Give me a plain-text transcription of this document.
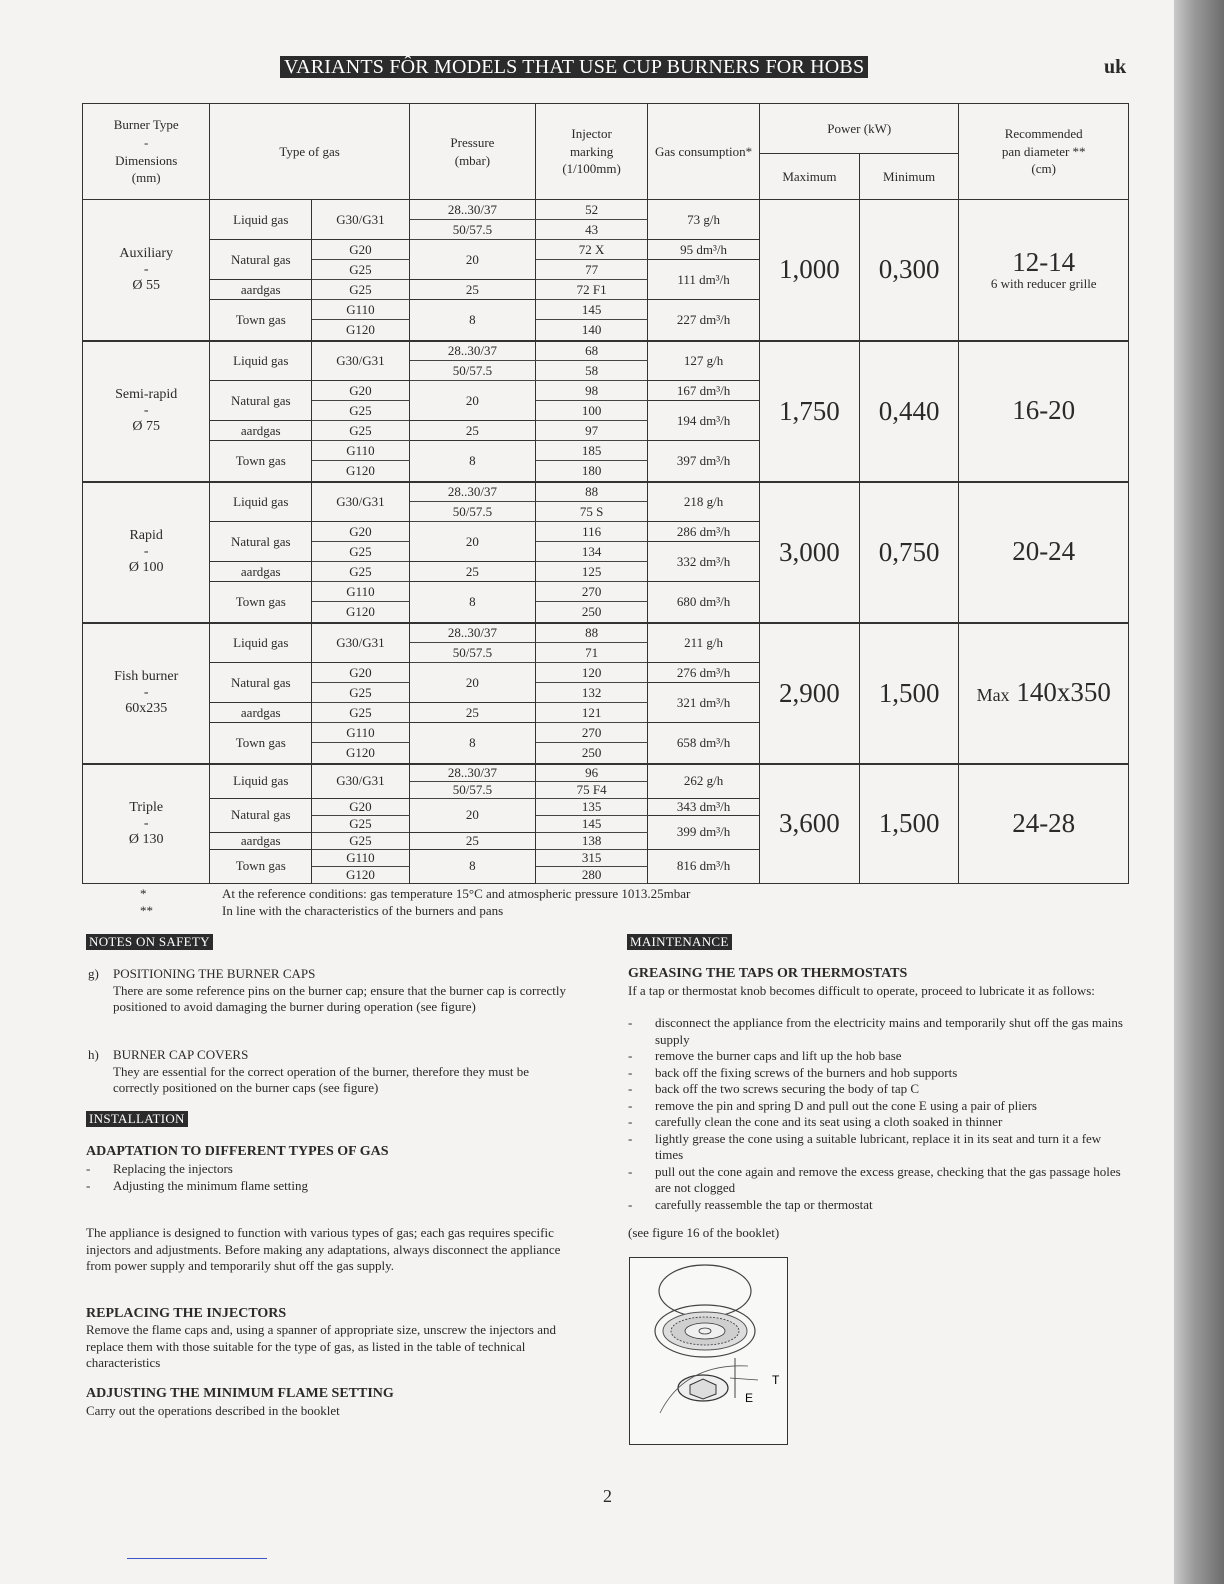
VARIANTS FÔR MODELS THAT USE CUP BURNERS FOR HOBS	uk
Burner Type
-
Dimensions
(mm)	Type of gas		Pressure
(mbar)	Injector
marking
(1/100mm)	Gas consumption*	Power (kW)		Recommended
pan diameter **
(cm)

						Maximum	Minimum	

Auxiliary
-
Ø 55	Liquid gas	G30/G31	28..30/37	52	73 g/h	1,000	0,300	12-14
6 with reducer grille

			50/57.5	43				
	Natural gas	G20	20	72 X	95 dm³/h			
		G25		77	111 dm³/h			
	aardgas	G25	25	72 F1				
	Town gas	G110	8	145	227 dm³/h			
		G120		140				

Semi-rapid
-
Ø 75	Liquid gas	G30/G31	28..30/37	68	127 g/h	1,750	0,440	16-20
			50/57.5	58				
	Natural gas	G20	20	98	167 dm³/h			
		G25		100	194 dm³/h			
	aardgas	G25	25	97				
	Town gas	G110	8	185	397 dm³/h			
		G120		180				

Rapid
-
Ø 100	Liquid gas	G30/G31	28..30/37	88	218 g/h	3,000	0,750	20-24
			50/57.5	75 S				
	Natural gas	G20	20	116	286 dm³/h			
		G25		134	332 dm³/h			
	aardgas	G25	25	125				
	Town gas	G110	8	270	680 dm³/h			
		G120		250				

Fish burner
-
60x235	Liquid gas	G30/G31	28..30/37	88	211 g/h	2,900	1,500	Max 140x350
			50/57.5	71				
	Natural gas	G20	20	120	276 dm³/h			
		G25		132	321 dm³/h			
	aardgas	G25	25	121				
	Town gas	G110	8	270	658 dm³/h			
		G120		250				

Triple
-
Ø 130	Liquid gas	G30/G31	28..30/37	96	262 g/h	3,600	1,500	24-28
			50/57.5	75 F4				
	Natural gas	G20	20	135	343 dm³/h			
		G25		145	399 dm³/h			
	aardgas	G25	25	138				
	Town gas	G110	8	315	816 dm³/h			
		G120		280				
*	At the reference conditions: gas temperature 15°C and atmospheric pressure 1013.25mbar
**	In line with the characteristics of the burners and pans
NOTES ON SAFETY
g)	POSITIONING THE BURNER CAPS
There are some reference pins on the burner cap; ensure that the burner cap is correctly positioned to avoid damaging the burner during operation (see figure)
h) BURNER CAP COVERS
They are essential for the correct operation of the burner, therefore they must be correctly positioned on the burner caps (see figure)
INSTALLATION
ADAPTATION TO DIFFERENT TYPES OF GAS
- Replacing the injectors
- Adjusting the minimum flame setting
The appliance is designed to function with various types of gas; each gas requires specific injectors and adjustments. Before making any adaptations, always disconnect the appliance from power supply and temporarily shut off the gas supply.
REPLACING THE INJECTORS
Remove the flame caps and, using a spanner of appropriate size, unscrew the injectors and replace them with those suitable for the type of gas, as listed in the table of technical characteristics
ADJUSTING THE MINIMUM FLAME SETTING
Carry out the operations described in the booklet
MAINTENANCE
GREASING THE TAPS OR THERMOSTATS
If a tap or thermostat knob becomes difficult to operate, proceed to lubricate it as follows:
- disconnect the appliance from the electricity mains and temporarily shut off the gas mains supply
- remove the burner caps and lift up the hob base
- back off the fixing screws of the burners and hob supports
- back off the two screws securing the body of tap C
- remove the pin and spring D and pull out the cone E using a pair of pliers
- carefully clean the cone and its seat using a cloth soaked in thinner
- lightly grease the cone using a suitable lubricant, replace it in its seat and turn it a few times
- pull out the cone again and remove the excess grease, checking that the gas passage holes are not clogged
- carefully reassemble the tap or thermostat
(see figure 16 of the booklet)
T
E
2
